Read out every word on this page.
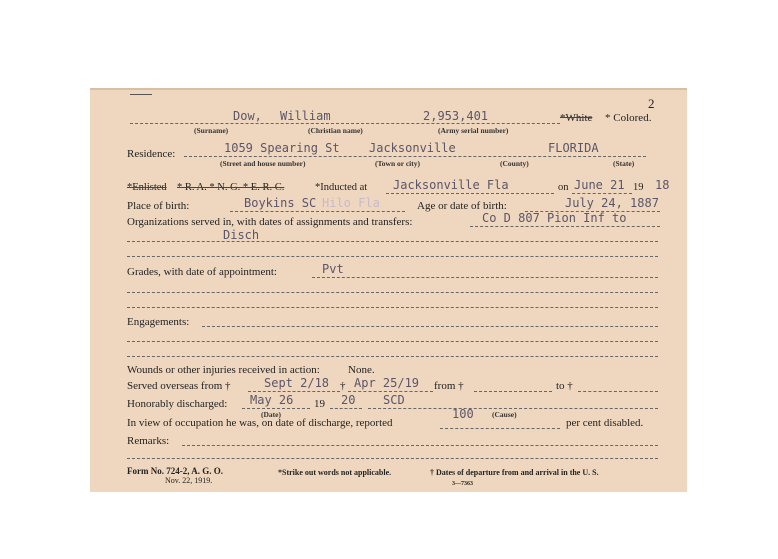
2
Dow, William	2,953,401	*White * Colored.
(Surname)	(Christian name)	(Army serial number)
Residence:	1059 Spearing St Jacksonville	FLORIDA
(Street and house number)	(Town or city)	(County)	(State)
*Enlisted * R. A. * N. G. * E. R. C.	*Inducted at Jacksonville Fla	on June 21 19 18
Place of birth:	Boykins SC Hilo Fla	Age or date of birth:	July 24, 1887
Organizations served in, with dates of assignments and transfers:	Co D 807 Pion Inf to
Disch
Grades, with date of appointment:	Pvt
Engagements:
Wounds or other injuries received in action:	None.
Served overseas from †	Sept 2/18 † Apr 25/19 from †	to †
Honorably discharged: May 26 19 20 SCD
(Date)	(Cause)
In view of occupation he was, on date of discharge, reported
100
per cent disabled.
Remarks:
Form No. 724-2, A. G. O.
Nov. 22, 1919.
*Strike out words not applicable.	† Dates of departure from and arrival in the U. S.
3—7363
